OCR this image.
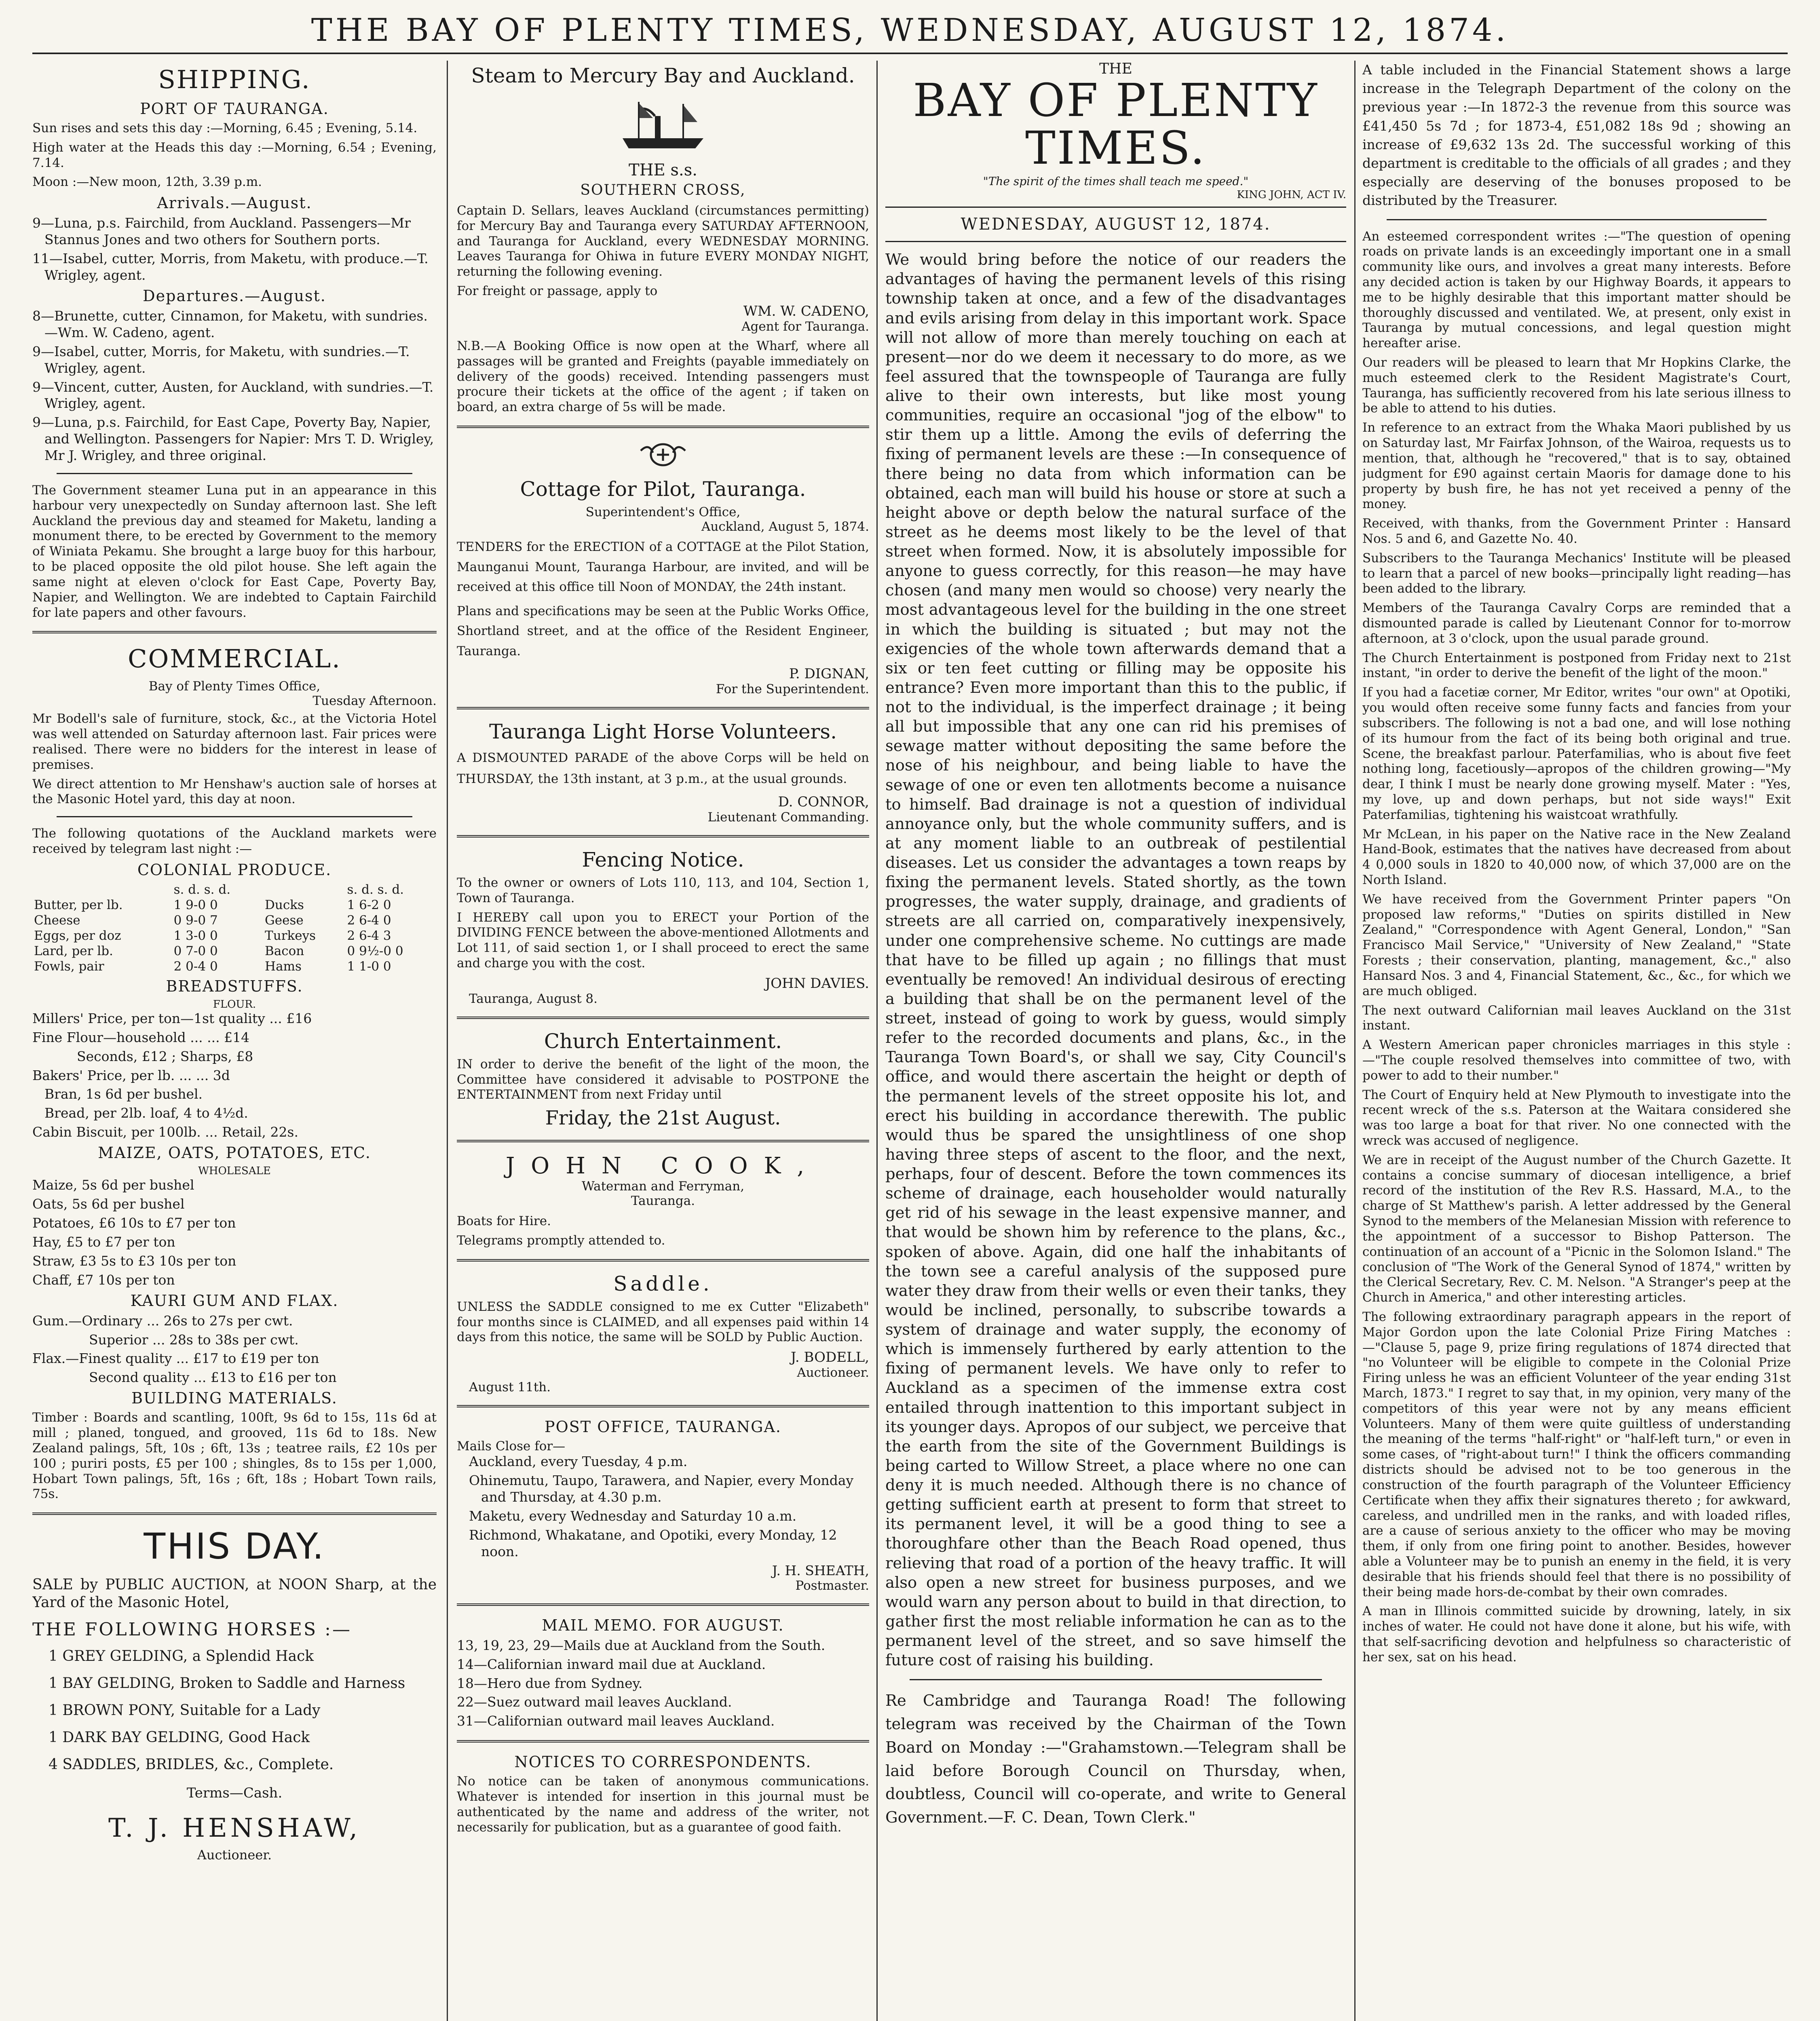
THE BAY OF PLENTY TIMES, WEDNESDAY, AUGUST 12, 1874.
SHIPPING.
PORT OF TAURANGA.

Sun rises and sets this day :—Morning, 6.45 ; Evening, 5.14.

High water at the Heads this day :—Morning, 6.54 ; Evening, 7.14.

Moon :—New moon, 12th, 3.39 p.m.

Arrivals.—August.
9—Luna, p.s. Fairchild, from Auckland. Passengers—Mr Stannus Jones and two others for Southern ports.
11—Isabel, cutter, Morris, from Maketu, with produce.—T. Wrigley, agent.
Departures.—August.
8—Brunette, cutter, Cinnamon, for Maketu, with sundries.—Wm. W. Cadeno, agent.
9—Isabel, cutter, Morris, for Maketu, with sundries.—T. Wrigley, agent.
9—Vincent, cutter, Austen, for Auckland, with sundries.—T. Wrigley, agent.
9—Luna, p.s. Fairchild, for East Cape, Poverty Bay, Napier, and Wellington. Passengers for Napier: Mrs T. D. Wrigley, Mr J. Wrigley, and three original.

The Government steamer Luna put in an appearance in this harbour very unexpectedly on Sunday afternoon last. She left Auckland the previous day and steamed for Maketu, landing a monument there, to be erected by Government to the memory of Winiata Pekamu. She brought a large buoy for this harbour, to be placed opposite the old pilot house. She left again the same night at eleven o'clock for East Cape, Poverty Bay, Napier, and Wellington. We are indebted to Captain Fairchild for late papers and other favours.

COMMERCIAL.
Bay of Plenty Times Office,
Tuesday Afternoon.

Mr Bodell's sale of furniture, stock, &c., at the Victoria Hotel was well attended on Saturday afternoon last. Fair prices were realised. There were no bidders for the interest in lease of premises.

We direct attention to Mr Henshaw's auction sale of horses at the Masonic Hotel yard, this day at noon.

The following quotations of the Auckland markets were received by telegram last night :—

COLONIAL PRODUCE.
	s. d. s. d.		s. d. s. d.
Butter, per lb.	1 9-0 0	Ducks	1 6-2 0
Cheese	0 9-0 7	Geese	2 6-4 0
Eggs, per doz	1 3-0 0	Turkeys	2 6-4 3
Lard, per lb.	0 7-0 0	Bacon	0 9½-0 0
Fowls, pair	2 0-4 0	Hams	1 1-0 0
BREADSTUFFS.
FLOUR.
Millers' Price, per ton—1st quality ... £16
Fine Flour—household ... ... £14
Seconds, £12 ; Sharps, £8
Bakers' Price, per lb. ... ... 3d
Bran, 1s 6d per bushel.
Bread, per 2lb. loaf, 4 to 4½d.
Cabin Biscuit, per 100lb. ... Retail, 22s.
MAIZE, OATS, POTATOES, ETC.
WHOLESALE
Maize, 5s 6d per bushel
Oats, 5s 6d per bushel
Potatoes, £6 10s to £7 per ton
Hay, £5 to £7 per ton
Straw, £3 5s to £3 10s per ton
Chaff, £7 10s per ton
KAURI GUM AND FLAX.
Gum.—Ordinary ... 26s to 27s per cwt.
Superior ... 28s to 38s per cwt.
Flax.—Finest quality ... £17 to £19 per ton
Second quality ... £13 to £16 per ton
BUILDING MATERIALS.

Timber : Boards and scantling, 100ft, 9s 6d to 15s, 11s 6d at mill ; planed, tongued, and grooved, 11s 6d to 18s. New Zealand palings, 5ft, 10s ; 6ft, 13s ; teatree rails, £2 10s per 100 ; puriri posts, £5 per 100 ; shingles, 8s to 15s per 1,000, Hobart Town palings, 5ft, 16s ; 6ft, 18s ; Hobart Town rails, 75s.

THIS DAY.

SALE by PUBLIC AUCTION, at NOON Sharp, at the Yard of the Masonic Hotel,

THE FOLLOWING HORSES :—

1 GREY GELDING, a Splendid Hack
1 BAY GELDING, Broken to Saddle and Harness
1 BROWN PONY, Suitable for a Lady
1 DARK BAY GELDING, Good Hack
4 SADDLES, BRIDLES, &c., Complete.
Terms—Cash.
T. J. HENSHAW,
Auctioneer.
Steam to Mercury Bay and Auckland.
THE s.s.
SOUTHERN CROSS,

Captain D. Sellars, leaves Auckland (circumstances permitting) for Mercury Bay and Tauranga every SATURDAY AFTERNOON, and Tauranga for Auckland, every WEDNESDAY MORNING. Leaves Tauranga for Ohiwa in future EVERY MONDAY NIGHT, returning the following evening.

For freight or passage, apply to

WM. W. CADENO,
Agent for Tauranga.

N.B.—A Booking Office is now open at the Wharf, where all passages will be granted and Freights (payable immediately on delivery of the goods) received. Intending passengers must procure their tickets at the office of the agent ; if taken on board, an extra charge of 5s will be made.

Cottage for Pilot, Tauranga.
Superintendent's Office,
Auckland, August 5, 1874.

TENDERS for the ERECTION of a COTTAGE at the Pilot Station, Maunganui Mount, Tauranga Harbour, are invited, and will be received at this office till Noon of MONDAY, the 24th instant.

Plans and specifications may be seen at the Public Works Office, Shortland street, and at the office of the Resident Engineer, Tauranga.

P. DIGNAN,
For the Superintendent.
Tauranga Light Horse Volunteers.

A DISMOUNTED PARADE of the above Corps will be held on THURSDAY, the 13th instant, at 3 p.m., at the usual grounds.

D. CONNOR,
Lieutenant Commanding.
Fencing Notice.

To the owner or owners of Lots 110, 113, and 104, Section 1, Town of Tauranga.

I HEREBY call upon you to ERECT your Portion of the DIVIDING FENCE between the above-mentioned Allotments and Lot 111, of said section 1, or I shall proceed to erect the same and charge you with the cost.

JOHN DAVIES.
Tauranga, August 8.
Church Entertainment.

IN order to derive the benefit of the light of the moon, the Committee have considered it advisable to POSTPONE the ENTERTAINMENT from next Friday until

Friday, the 21st August.
JOHN COOK,
Waterman and Ferryman,
Tauranga.

Boats for Hire.

Telegrams promptly attended to.

Saddle.

UNLESS the SADDLE consigned to me ex Cutter "Elizabeth" four months since is CLAIMED, and all expenses paid within 14 days from this notice, the same will be SOLD by Public Auction.

J. BODELL,
Auctioneer.
August 11th.
POST OFFICE, TAURANGA.
Mails Close for—
Auckland, every Tuesday, 4 p.m.
Ohinemutu, Taupo, Tarawera, and Napier, every Monday and Thursday, at 4.30 p.m.
Maketu, every Wednesday and Saturday 10 a.m.
Richmond, Whakatane, and Opotiki, every Monday, 12 noon.
J. H. SHEATH,
Postmaster.
MAIL MEMO. FOR AUGUST.
13, 19, 23, 29—Mails due at Auckland from the South.
14—Californian inward mail due at Auckland.
18—Hero due from Sydney.
22—Suez outward mail leaves Auckland.
31—Californian outward mail leaves Auckland.
NOTICES TO CORRESPONDENTS.

No notice can be taken of anonymous communications. Whatever is intended for insertion in this journal must be authenticated by the name and address of the writer, not necessarily for publication, but as a guarantee of good faith.

THE
BAY OF PLENTY TIMES.
"The spirit of the times shall teach me speed."
KING JOHN, ACT IV.
WEDNESDAY, AUGUST 12, 1874.

We would bring before the notice of our readers the advantages of having the permanent levels of this rising township taken at once, and a few of the disadvantages and evils arising from delay in this important work. Space will not allow of more than merely touching on each at present—nor do we deem it necessary to do more, as we feel assured that the townspeople of Tauranga are fully alive to their own interests, but like most young communities, require an occasional "jog of the elbow" to stir them up a little. Among the evils of deferring the fixing of permanent levels are these :—In consequence of there being no data from which information can be obtained, each man will build his house or store at such a height above or depth below the natural surface of the street as he deems most likely to be the level of that street when formed. Now, it is absolutely impossible for anyone to guess correctly, for this reason—he may have chosen (and many men would so choose) very nearly the most advantageous level for the building in the one street in which the building is situated ; but may not the exigencies of the whole town afterwards demand that a six or ten feet cutting or filling may be opposite his entrance? Even more important than this to the public, if not to the individual, is the imperfect drainage ; it being all but impossible that any one can rid his premises of sewage matter without depositing the same before the nose of his neighbour, and being liable to have the sewage of one or even ten allotments become a nuisance to himself. Bad drainage is not a question of individual annoyance only, but the whole community suffers, and is at any moment liable to an outbreak of pestilential diseases. Let us consider the advantages a town reaps by fixing the permanent levels. Stated shortly, as the town progresses, the water supply, drainage, and gradients of streets are all carried on, comparatively inexpensively, under one comprehensive scheme. No cuttings are made that have to be filled up again ; no fillings that must eventually be removed! An individual desirous of erecting a building that shall be on the permanent level of the street, instead of going to work by guess, would simply refer to the recorded documents and plans, &c., in the Tauranga Town Board's, or shall we say, City Council's office, and would there ascertain the height or depth of the permanent levels of the street opposite his lot, and erect his building in accordance therewith. The public would thus be spared the unsightliness of one shop having three steps of ascent to the floor, and the next, perhaps, four of descent. Before the town commences its scheme of drainage, each householder would naturally get rid of his sewage in the least expensive manner, and that would be shown him by reference to the plans, &c., spoken of above. Again, did one half the inhabitants of the town see a careful analysis of the supposed pure water they draw from their wells or even their tanks, they would be inclined, personally, to subscribe towards a system of drainage and water supply, the economy of which is immensely furthered by early attention to the fixing of permanent levels. We have only to refer to Auckland as a specimen of the immense extra cost entailed through inattention to this important subject in its younger days. Apropos of our subject, we perceive that the earth from the site of the Government Buildings is being carted to Willow Street, a place where no one can deny it is much needed. Although there is no chance of getting sufficient earth at present to form that street to its permanent level, it will be a good thing to see a thoroughfare other than the Beach Road opened, thus relieving that road of a portion of the heavy traffic. It will also open a new street for business purposes, and we would warn any person about to build in that direction, to gather first the most reliable information he can as to the permanent level of the street, and so save himself the future cost of raising his building.

Re Cambridge and Tauranga Road! The following telegram was received by the Chairman of the Town Board on Monday :—"Grahamstown.—Telegram shall be laid before Borough Council on Thursday, when, doubtless, Council will co-operate, and write to General Government.—F. C. Dean, Town Clerk."

A table included in the Financial Statement shows a large increase in the Telegraph Department of the colony on the previous year :—In 1872-3 the revenue from this source was £41,450 5s 7d ; for 1873-4, £51,082 18s 9d ; showing an increase of £9,632 13s 2d. The successful working of this department is creditable to the officials of all grades ; and they especially are deserving of the bonuses proposed to be distributed by the Treasurer.

An esteemed correspondent writes :—"The question of opening roads on private lands is an exceedingly important one in a small community like ours, and involves a great many interests. Before any decided action is taken by our Highway Boards, it appears to me to be highly desirable that this important matter should be thoroughly discussed and ventilated. We, at present, only exist in Tauranga by mutual concessions, and legal question might hereafter arise.

Our readers will be pleased to learn that Mr Hopkins Clarke, the much esteemed clerk to the Resident Magistrate's Court, Tauranga, has sufficiently recovered from his late serious illness to be able to attend to his duties.

In reference to an extract from the Whaka Maori published by us on Saturday last, Mr Fairfax Johnson, of the Wairoa, requests us to mention, that, although he "recovered," that is to say, obtained judgment for £90 against certain Maoris for damage done to his property by bush fire, he has not yet received a penny of the money.

Received, with thanks, from the Government Printer : Hansard Nos. 5 and 6, and Gazette No. 40.

Subscribers to the Tauranga Mechanics' Institute will be pleased to learn that a parcel of new books—principally light reading—has been added to the library.

Members of the Tauranga Cavalry Corps are reminded that a dismounted parade is called by Lieutenant Connor for to-morrow afternoon, at 3 o'clock, upon the usual parade ground.

The Church Entertainment is postponed from Friday next to 21st instant, "in order to derive the benefit of the light of the moon."

If you had a facetiæ corner, Mr Editor, writes "our own" at Opotiki, you would often receive some funny facts and fancies from your subscribers. The following is not a bad one, and will lose nothing of its humour from the fact of its being both original and true. Scene, the breakfast parlour. Paterfamilias, who is about five feet nothing long, facetiously—apropos of the children growing—"My dear, I think I must be nearly done growing myself. Mater : "Yes, my love, up and down perhaps, but not side ways!" Exit Paterfamilias, tightening his waistcoat wrathfully.

Mr McLean, in his paper on the Native race in the New Zealand Hand-Book, estimates that the natives have decreased from about 4 0,000 souls in 1820 to 40,000 now, of which 37,000 are on the North Island.

We have received from the Government Printer papers "On proposed law reforms," "Duties on spirits distilled in New Zealand," "Correspondence with Agent General, London," "San Francisco Mail Service," "University of New Zealand," "State Forests ; their conservation, planting, management, &c.," also Hansard Nos. 3 and 4, Financial Statement, &c., &c., for which we are much obliged.

The next outward Californian mail leaves Auckland on the 31st instant.

A Western American paper chronicles marriages in this style :—"The couple resolved themselves into committee of two, with power to add to their number."

The Court of Enquiry held at New Plymouth to investigate into the recent wreck of the s.s. Paterson at the Waitara considered she was too large a boat for that river. No one connected with the wreck was accused of negligence.

We are in receipt of the August number of the Church Gazette. It contains a concise summary of diocesan intelligence, a brief record of the institution of the Rev R.S. Hassard, M.A., to the charge of St Matthew's parish. A letter addressed by the General Synod to the members of the Melanesian Mission with reference to the appointment of a successor to Bishop Patterson. The continuation of an account of a "Picnic in the Solomon Island." The conclusion of "The Work of the General Synod of 1874," written by the Clerical Secretary, Rev. C. M. Nelson. "A Stranger's peep at the Church in America," and other interesting articles.

The following extraordinary paragraph appears in the report of Major Gordon upon the late Colonial Prize Firing Matches :—"Clause 5, page 9, prize firing regulations of 1874 directed that "no Volunteer will be eligible to compete in the Colonial Prize Firing unless he was an efficient Volunteer of the year ending 31st March, 1873." I regret to say that, in my opinion, very many of the competitors of this year were not by any means efficient Volunteers. Many of them were quite guiltless of understanding the meaning of the terms "half-right" or "half-left turn," or even in some cases, of "right-about turn!" I think the officers commanding districts should be advised not to be too generous in the construction of the fourth paragraph of the Volunteer Efficiency Certificate when they affix their signatures thereto ; for awkward, careless, and undrilled men in the ranks, and with loaded rifles, are a cause of serious anxiety to the officer who may be moving them, if only from one firing point to another. Besides, however able a Volunteer may be to punish an enemy in the field, it is very desirable that his friends should feel that there is no possibility of their being made hors-de-combat by their own comrades.

A man in Illinois committed suicide by drowning, lately, in six inches of water. He could not have done it alone, but his wife, with that self-sacrificing devotion and helpfulness so characteristic of her sex, sat on his head.
